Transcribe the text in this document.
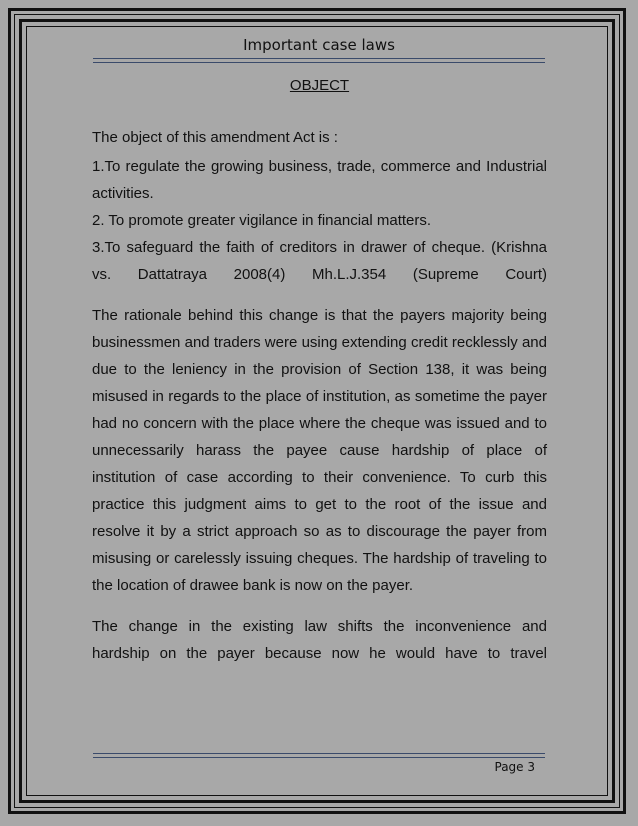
Important case laws
OBJECT

The object of this amendment Act is :

1.To regulate the growing business, trade, commerce and Industrial activities.

2. To promote greater vigilance in financial matters.

3.To safeguard the faith of creditors in drawer of cheque. (Krishna vs. Dattatraya 2008(4) Mh.L.J.354 (Supreme Court)

The rationale behind this change is that the payers majority being businessmen and traders were using extending credit recklessly and due to the leniency in the provision of Section 138, it was being misused in regards to the place of institution, as sometime the payer had no concern with the place where the cheque was issued and to unnecessarily harass the payee cause hardship of place of institution of case according to their convenience. To curb this practice this judgment aims to get to the root of the issue and resolve it by a strict approach so as to discourage the payer from misusing or carelessly issuing cheques. The hardship of traveling to the location of drawee bank is now on the payer.

The change in the existing law shifts the inconvenience and hardship on the payer because now he would have to travel

Page 3
